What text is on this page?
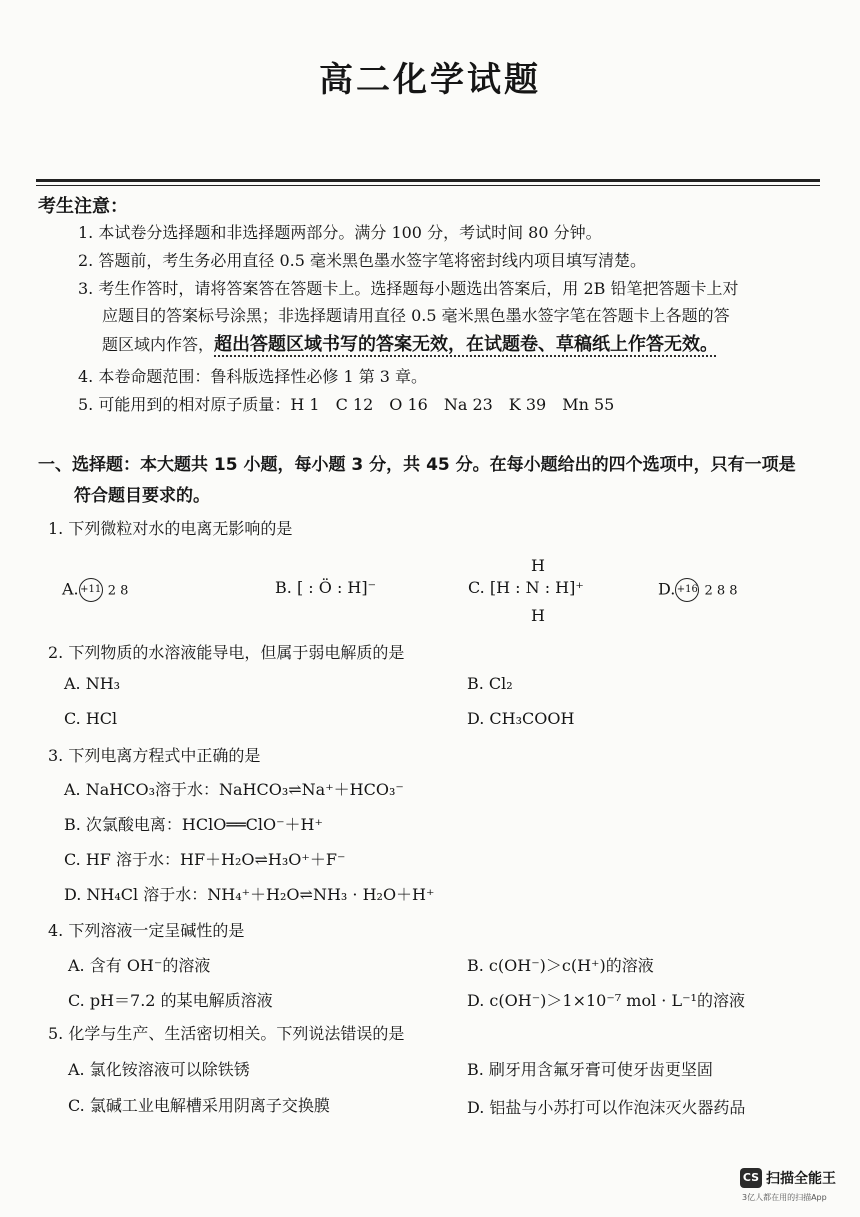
高二化学试题
考生注意：
1. 本试卷分选择题和非选择题两部分。满分 100 分，考试时间 80 分钟。
2. 答题前，考生务必用直径 0.5 毫米黑色墨水签字笔将密封线内项目填写清楚。
3. 考生作答时，请将答案答在答题卡上。选择题每小题选出答案后，用 2B 铅笔把答题卡上对
应题目的答案标号涂黑；非选择题请用直径 0.5 毫米黑色墨水签字笔在答题卡上各题的答
题区域内作答，超出答题区域书写的答案无效，在试题卷、草稿纸上作答无效。
4. 本卷命题范围：鲁科版选择性必修 1 第 3 章。
5. 可能用到的相对原子质量：H 1　C 12　O 16　Na 23　K 39　Mn 55
一、选择题：本大题共 15 小题，每小题 3 分，共 45 分。在每小题给出的四个选项中，只有一项是
符合题目要求的。
1. 下列微粒对水的电离无影响的是
A.+11 2 8	B. [ : Ö : H]⁻
H
C. [H : N : H]⁺
H
D.+16 2 8 8
2. 下列物质的水溶液能导电，但属于弱电解质的是
A. NH₃	B. Cl₂
C. HCl	D. CH₃COOH
3. 下列电离方程式中正确的是
A. NaHCO₃溶于水：NaHCO₃⇌Na⁺＋HCO₃⁻
B. 次氯酸电离：HClO══ClO⁻＋H⁺
C. HF 溶于水：HF＋H₂O⇌H₃O⁺＋F⁻
D. NH₄Cl 溶于水：NH₄⁺＋H₂O⇌NH₃ · H₂O＋H⁺
4. 下列溶液一定呈碱性的是
A. 含有 OH⁻的溶液	B. c(OH⁻)＞c(H⁺)的溶液
C. pH＝7.2 的某电解质溶液	D. c(OH⁻)＞1×10⁻⁷ mol · L⁻¹的溶液
5. 化学与生产、生活密切相关。下列说法错误的是
A. 氯化铵溶液可以除铁锈	B. 刷牙用含氟牙膏可使牙齿更坚固
C. 氯碱工业电解槽采用阴离子交换膜	D. 铝盐与小苏打可以作泡沫灭火器药品
CS 扫描全能王
3亿人都在用的扫描App
